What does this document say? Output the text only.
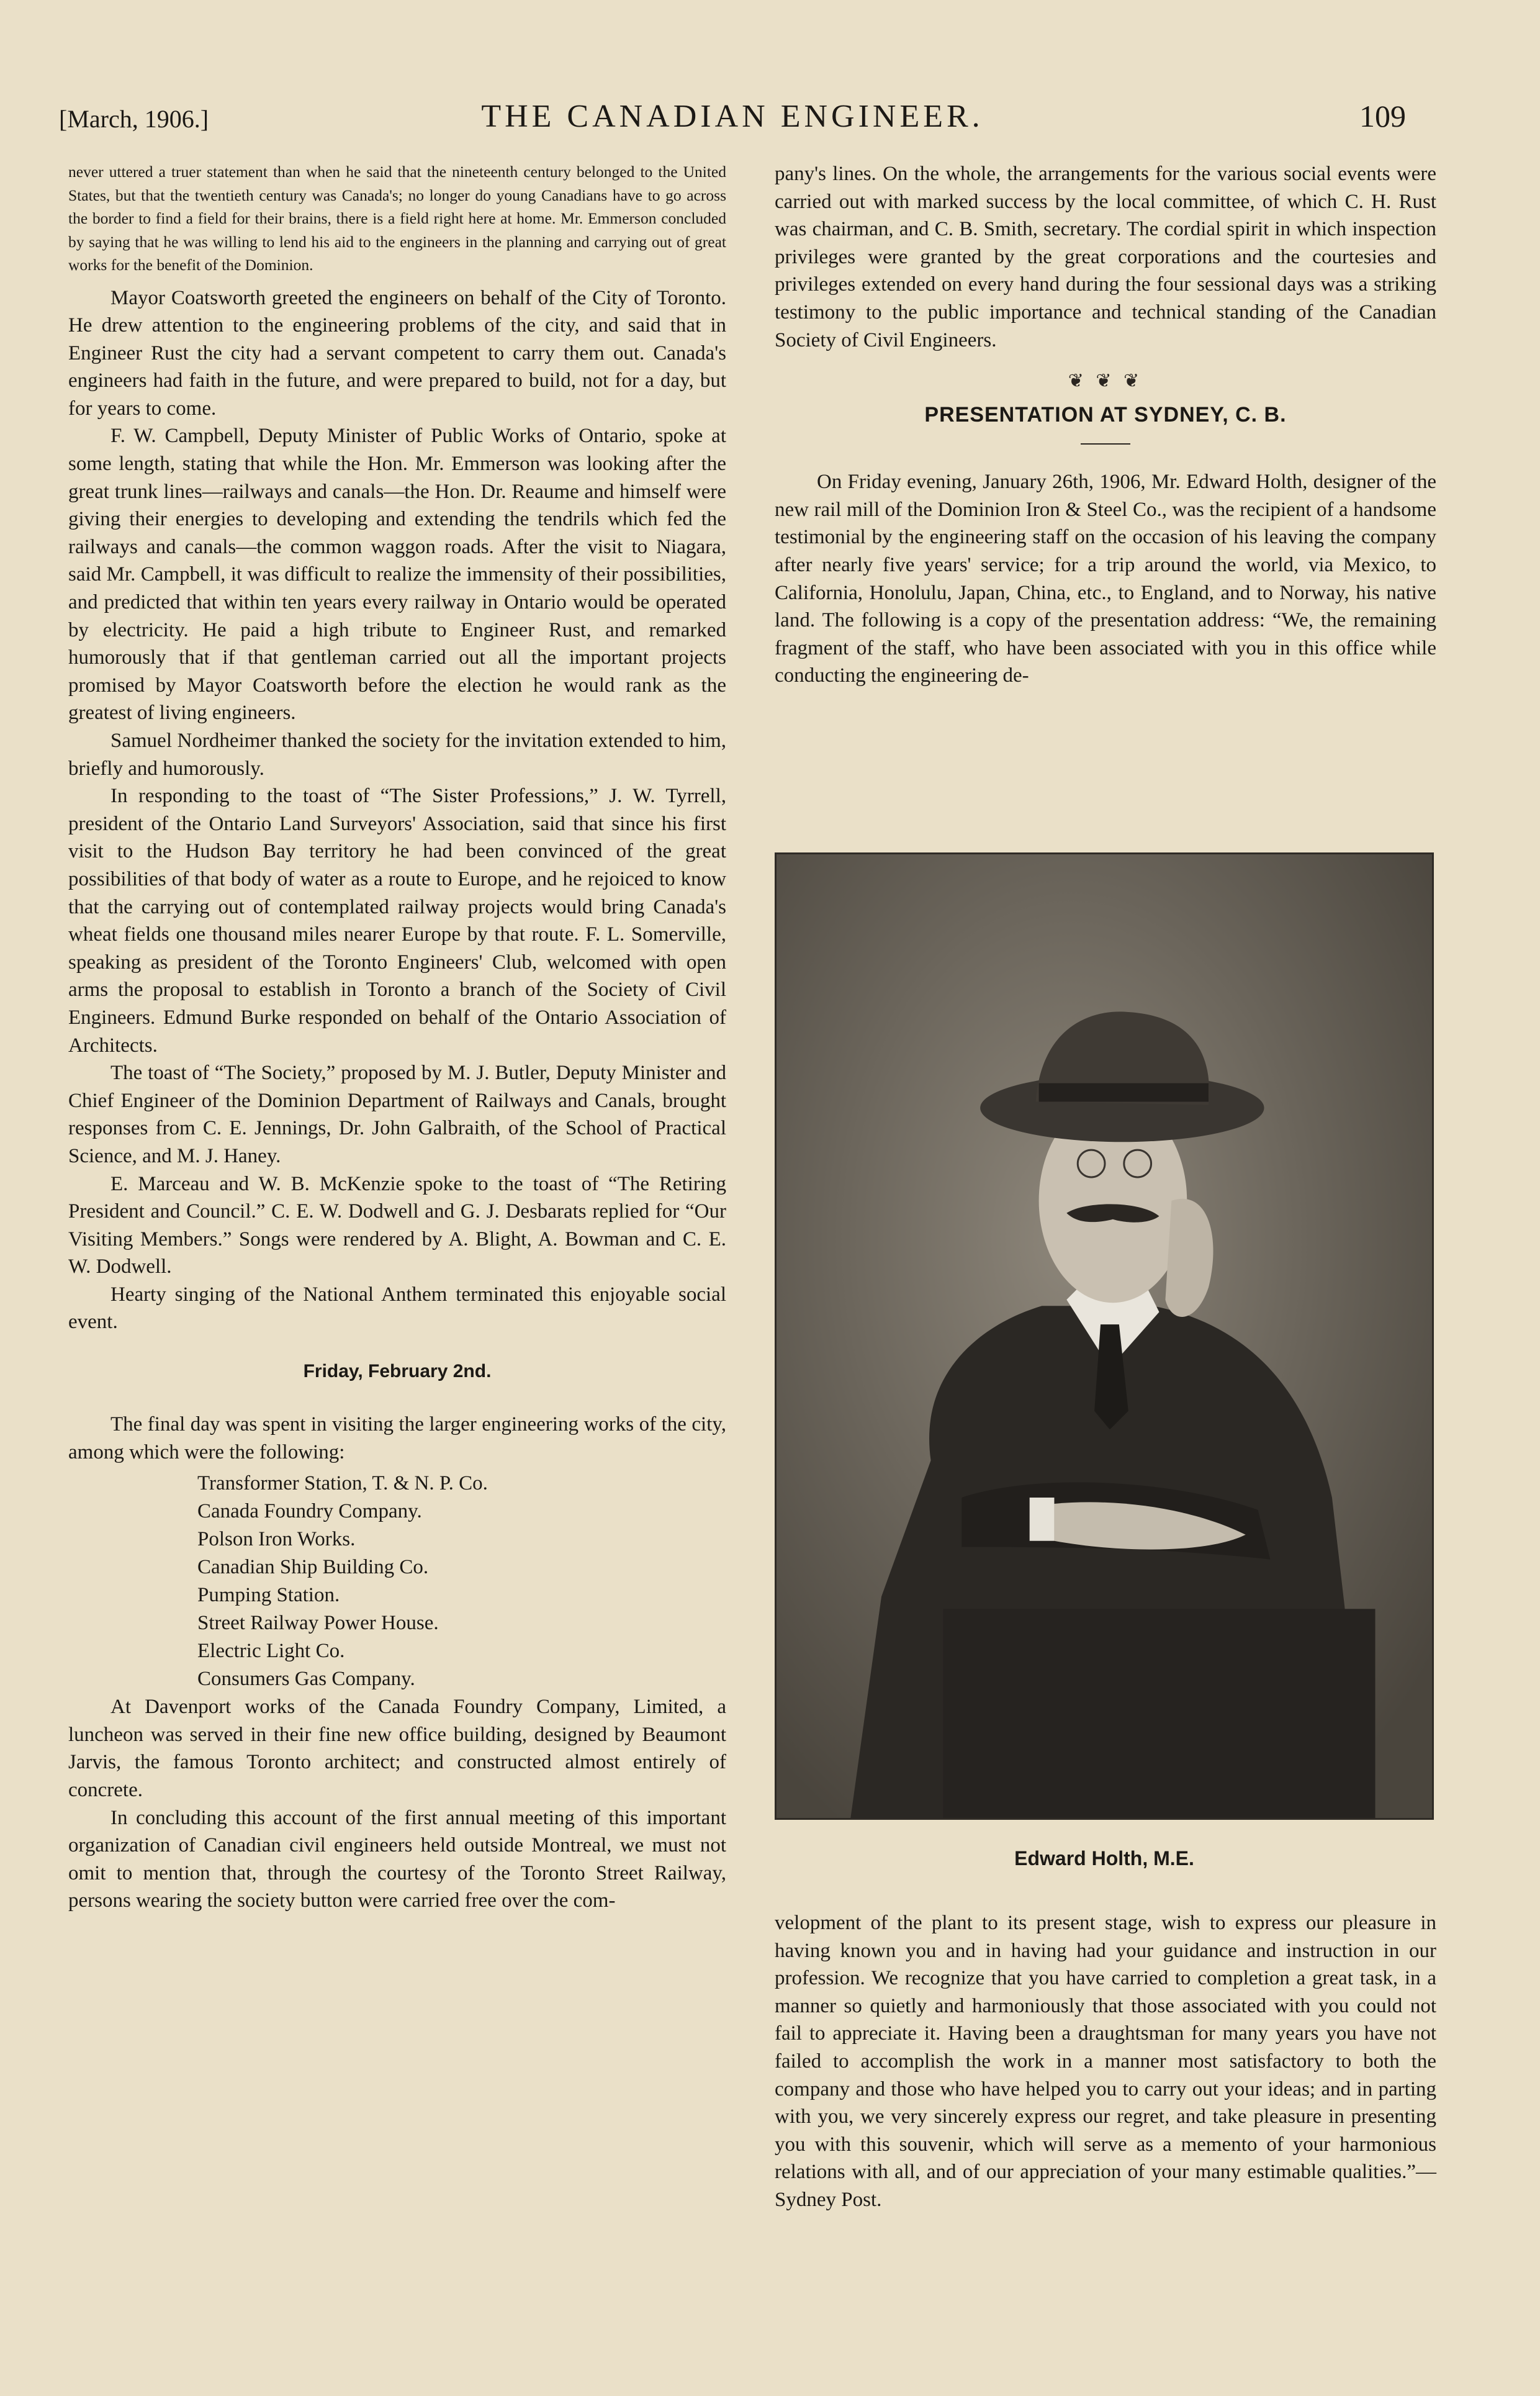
[March, 1906.]	THE CANADIAN ENGINEER.	109

never uttered a truer statement than when he said that the nineteenth century belonged to the United States, but that the twentieth century was Canada's; no longer do young Canadians have to go across the border to find a field for their brains, there is a field right here at home. Mr. Emmerson concluded by saying that he was willing to lend his aid to the engineers in the planning and carrying out of great works for the benefit of the Dominion.

Mayor Coatsworth greeted the engineers on behalf of the City of Toronto. He drew attention to the engineering problems of the city, and said that in Engineer Rust the city had a servant competent to carry them out. Canada's engineers had faith in the future, and were prepared to build, not for a day, but for years to come.

F. W. Campbell, Deputy Minister of Public Works of Ontario, spoke at some length, stating that while the Hon. Mr. Emmerson was looking after the great trunk lines—railways and canals—the Hon. Dr. Reaume and himself were giving their energies to developing and extending the tendrils which fed the railways and canals—the common waggon roads. After the visit to Niagara, said Mr. Campbell, it was difficult to realize the immensity of their possibilities, and predicted that within ten years every railway in Ontario would be operated by electricity. He paid a high tribute to Engineer Rust, and remarked humorously that if that gentleman carried out all the important projects promised by Mayor Coatsworth before the election he would rank as the greatest of living engineers.

Samuel Nordheimer thanked the society for the invitation extended to him, briefly and humorously.

In responding to the toast of “The Sister Professions,” J. W. Tyrrell, president of the Ontario Land Surveyors' Association, said that since his first visit to the Hudson Bay territory he had been convinced of the great possibilities of that body of water as a route to Europe, and he rejoiced to know that the carrying out of contemplated railway projects would bring Canada's wheat fields one thousand miles nearer Europe by that route. F. L. Somerville, speaking as president of the Toronto Engineers' Club, welcomed with open arms the proposal to establish in Toronto a branch of the Society of Civil Engineers. Edmund Burke responded on behalf of the Ontario Association of Architects.

The toast of “The Society,” proposed by M. J. Butler, Deputy Minister and Chief Engineer of the Dominion Department of Railways and Canals, brought responses from C. E. Jennings, Dr. John Galbraith, of the School of Practical Science, and M. J. Haney.

E. Marceau and W. B. McKenzie spoke to the toast of “The Retiring President and Council.” C. E. W. Dodwell and G. J. Desbarats replied for “Our Visiting Members.” Songs were rendered by A. Blight, A. Bowman and C. E. W. Dodwell.

Hearty singing of the National Anthem terminated this enjoyable social event.

Friday, February 2nd.

The final day was spent in visiting the larger engineering works of the city, among which were the following:

Transformer Station, T. & N. P. Co.
Canada Foundry Company.
Polson Iron Works.
Canadian Ship Building Co.
Pumping Station.
Street Railway Power House.
Electric Light Co.
Consumers Gas Company.

At Davenport works of the Canada Foundry Company, Limited, a luncheon was served in their fine new office building, designed by Beaumont Jarvis, the famous Toronto architect; and constructed almost entirely of concrete.

In concluding this account of the first annual meeting of this important organization of Canadian civil engineers held outside Montreal, we must not omit to mention that, through the courtesy of the Toronto Street Railway, persons wearing the society button were carried free over the com-

pany's lines. On the whole, the arrangements for the various social events were carried out with marked success by the local committee, of which C. H. Rust was chairman, and C. B. Smith, secretary. The cordial spirit in which inspection privileges were granted by the great corporations and the courtesies and privileges extended on every hand during the four sessional days was a striking testimony to the public importance and technical standing of the Canadian Society of Civil Engineers.

❦ ❦ ❦
PRESENTATION AT SYDNEY, C. B.

On Friday evening, January 26th, 1906, Mr. Edward Holth, designer of the new rail mill of the Dominion Iron & Steel Co., was the recipient of a handsome testimonial by the engineering staff on the occasion of his leaving the company after nearly five years' service; for a trip around the world, via Mexico, to California, Honolulu, Japan, China, etc., to England, and to Norway, his native land. The following is a copy of the presentation address: “We, the remaining fragment of the staff, who have been associated with you in this office while conducting the engineering de-

Edward Holth, M.E.

velopment of the plant to its present stage, wish to express our pleasure in having known you and in having had your guidance and instruction in our profession. We recognize that you have carried to completion a great task, in a manner so quietly and harmoniously that those associated with you could not fail to appreciate it. Having been a draughtsman for many years you have not failed to accomplish the work in a manner most satisfactory to both the company and those who have helped you to carry out your ideas; and in parting with you, we very sincerely express our regret, and take pleasure in presenting you with this souvenir, which will serve as a memento of your harmonious relations with all, and of our appreciation of your many estimable qualities.”—Sydney Post.
